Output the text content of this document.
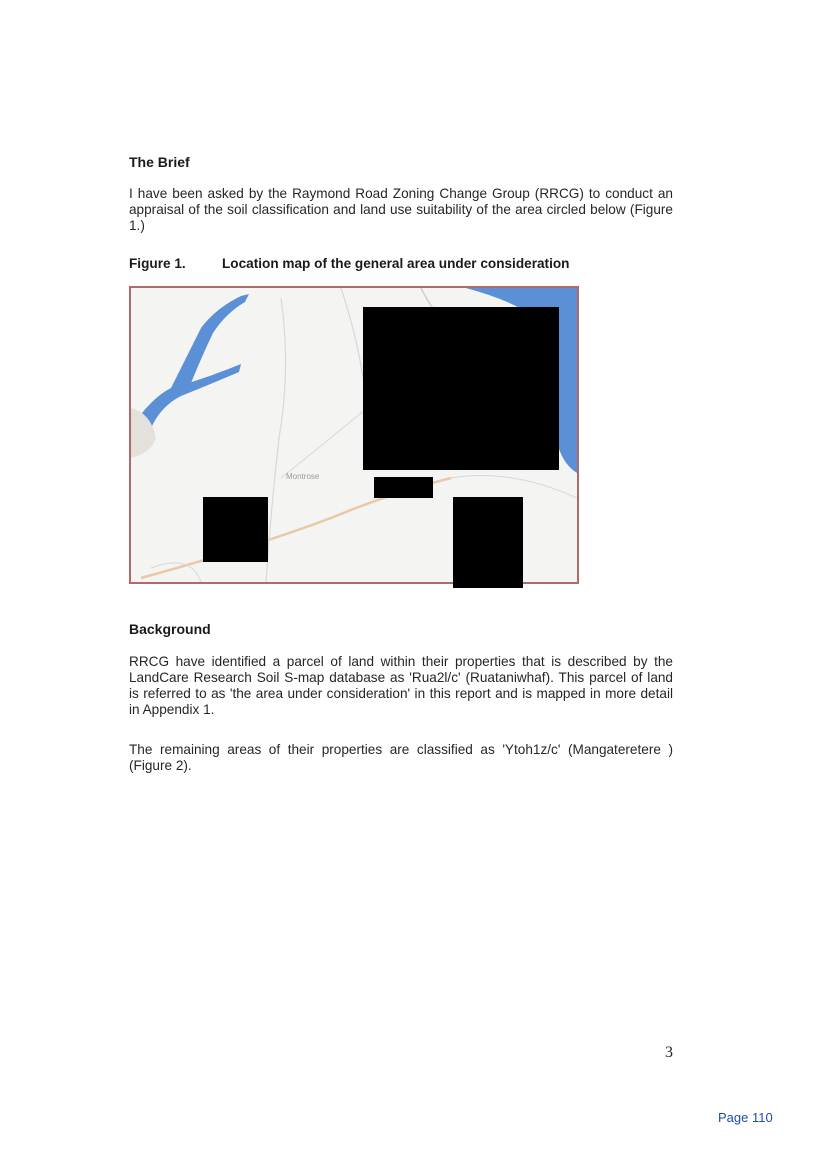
The Brief

I have been asked by the Raymond Road Zoning Change Group (RRCG) to conduct an appraisal of the soil classification and land use suitability of the area circled below (Figure 1.)

Figure 1.	Location map of the general area under consideration
Montrose
Background

RRCG have identified a parcel of land within their properties that is described by the LandCare Research Soil S-map database as 'Rua2l/c' (Ruataniwhaf). This parcel of land is referred to as 'the area under consideration' in this report and is mapped in more detail in Appendix 1.

The remaining areas of their properties are classified as 'Ytoh1z/c' (Mangateretere ) (Figure 2).

3
Page 110
